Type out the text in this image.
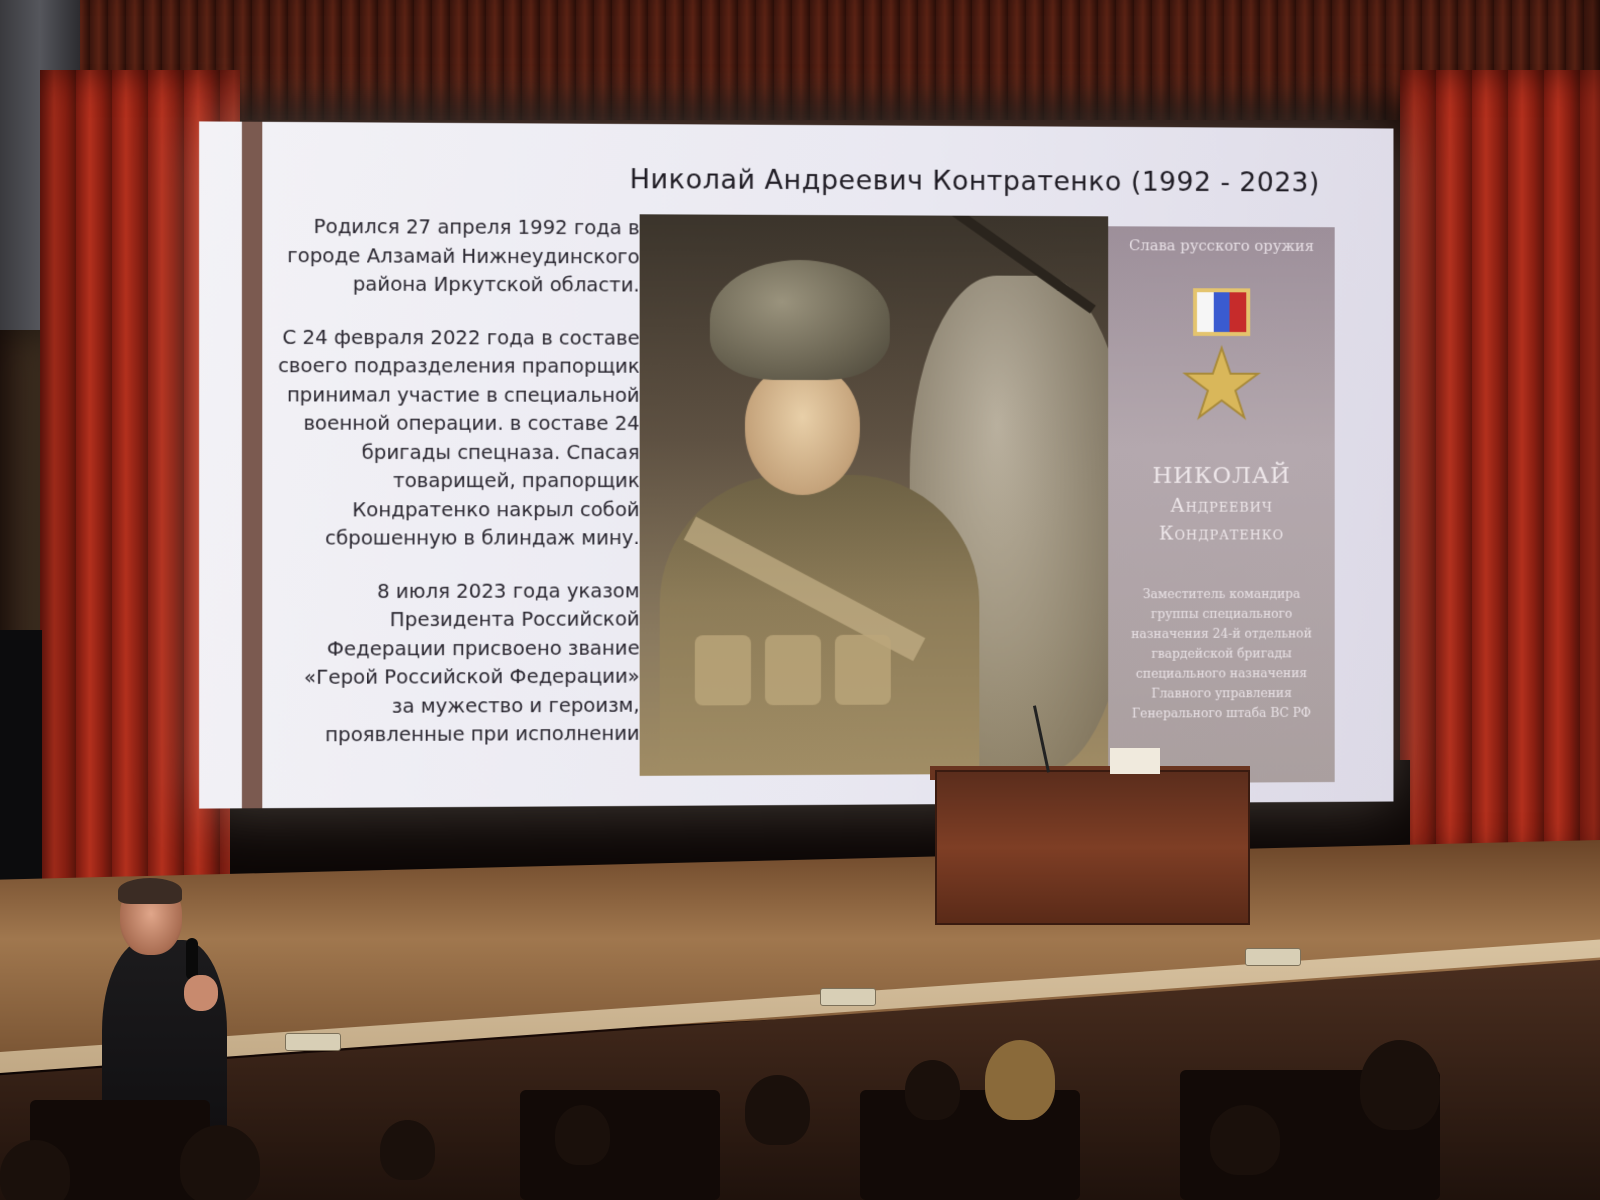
Николай Андреевич Контратенко (1992 - 2023)

Родился 27 апреля 1992 года в городе Алзамай Нижнеудинского района Иркутской области.

С 24 февраля 2022 года в составе своего подразделения прапорщик принимал участие в специальной военной операции. в составе 24 бригады спецназа. Спасая товарищей, прапорщик Кондратенко накрыл собой сброшенную в блиндаж мину.

8 июля 2023 года указом Президента Российской Федерации присвоено звание «Герой Российской Федерации» за мужество и героизм, проявленные при исполнении

Слава русского оружия
НИКОЛАЙ
Андреевич
Кондратенко
Заместитель командира группы специального назначения 24-й отдельной гвардейской бригады специального назначения Главного управления Генерального штаба ВС РФ
